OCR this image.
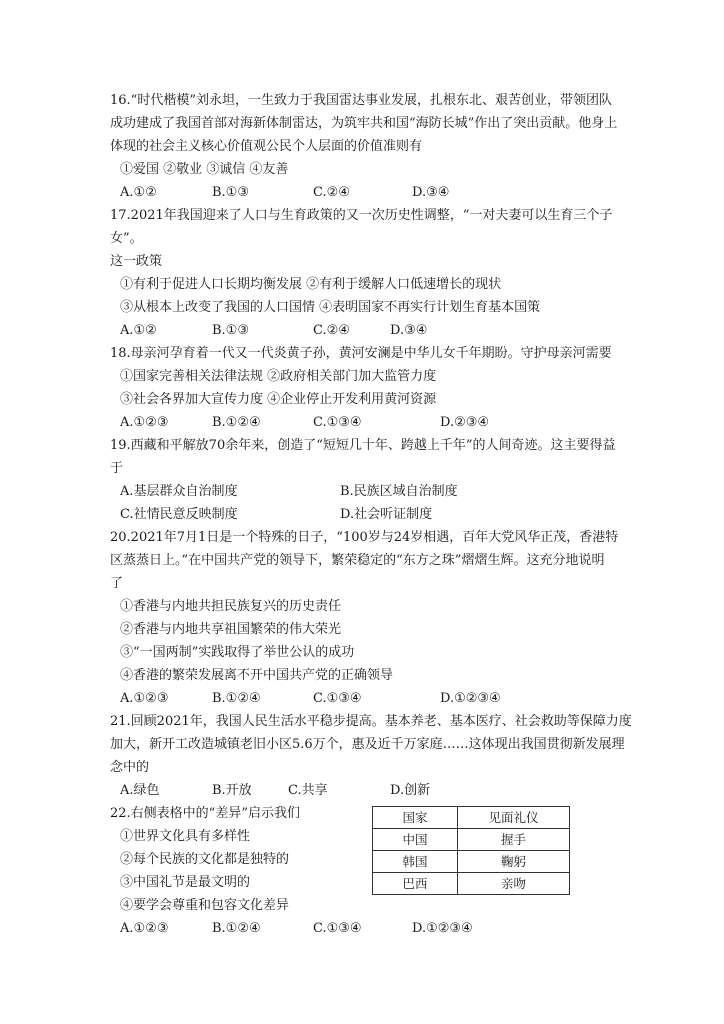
16.“时代楷模”刘永坦，一生致力于我国雷达事业发展，扎根东北、艰苦创业，带领团队
成功建成了我国首部对海新体制雷达，为筑牢共和国“海防长城”作出了突出贡献。他身上
体现的社会主义核心价值观公民个人层面的价值准则有
①爱国 ②敬业 ③诚信 ④友善
A.①②	B.①③	C.②④	D.③④
17.2021年我国迎来了人口与生育政策的又一次历史性调整，“一对夫妻可以生育三个子
女”。
这一政策
①有利于促进人口长期均衡发展 ②有利于缓解人口低速增长的现状
③从根本上改变了我国的人口国情 ④表明国家不再实行计划生育基本国策
A.①②	B.①③	C.②④	D.③④
18.母亲河孕育着一代又一代炎黄子孙，黄河安澜是中华儿女千年期盼。守护母亲河需要
①国家完善相关法律法规 ②政府相关部门加大监管力度
③社会各界加大宣传力度 ④企业停止开发利用黄河资源
A.①②③	B.①②④	C.①③④	D.②③④
19.西藏和平解放70余年来，创造了“短短几十年、跨越上千年”的人间奇迹。这主要得益
于
A.基层群众自治制度	B.民族区域自治制度
C.社情民意反映制度	D.社会听证制度
20.2021年7月1日是一个特殊的日子，“100岁与24岁相遇，百年大党风华正茂，香港特
区蒸蒸日上。”在中国共产党的领导下，繁荣稳定的“东方之珠”熠熠生辉。这充分地说明
了
①香港与内地共担民族复兴的历史责任
②香港与内地共享祖国繁荣的伟大荣光
③“一国两制”实践取得了举世公认的成功
④香港的繁荣发展离不开中国共产党的正确领导
A.①②③	B.①②④	C.①③④	D.①②③④
21.回顾2021年，我国人民生活水平稳步提高。基本养老、基本医疗、社会救助等保障力度
加大，新开工改造城镇老旧小区5.6万个，惠及近千万家庭……这体现出我国贯彻新发展理
念中的
A.绿色	B.开放	C.共享	D.创新
22.右侧表格中的“差异”启示我们
①世界文化具有多样性
②每个民族的文化都是独特的
③中国礼节是最文明的
④要学会尊重和包容文化差异
A.①②③	B.①②④	C.①③④	D.①②③④
国家	见面礼仪
中国	握手
韩国	鞠躬
巴西	亲吻
